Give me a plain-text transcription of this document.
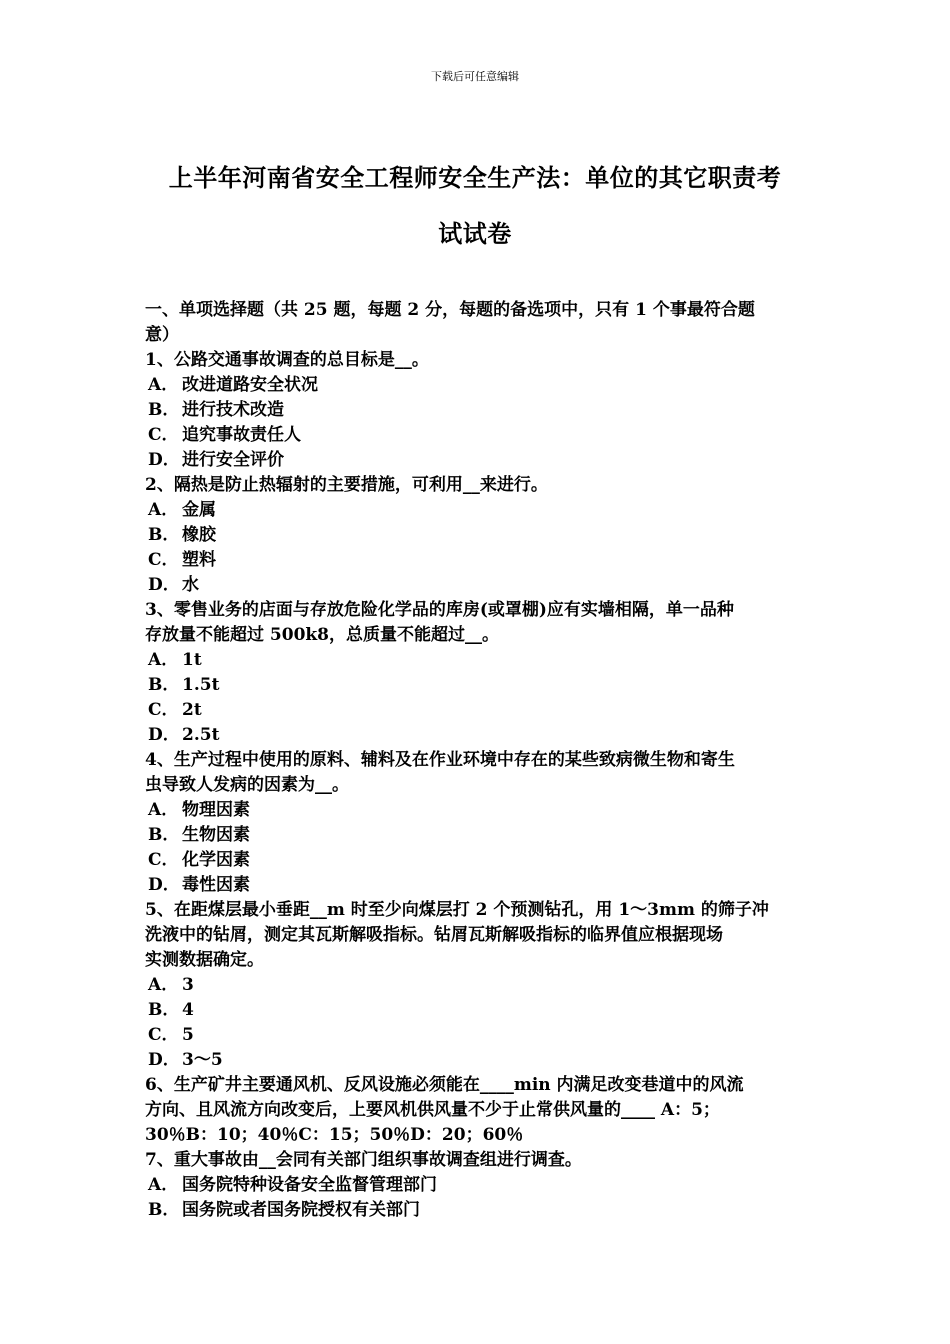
下载后可任意编辑
上半年河南省安全工程师安全生产法：单位的其它职责考
试试卷
一、单项选择题（共 25 题，每题 2 分，每题的备选项中，只有 1 个事最符合题
意）
1、公路交通事故调查的总目标是__。
A． 改进道路安全状况
B． 进行技术改造
C． 追究事故责任人
D． 进行安全评价
2、隔热是防止热辐射的主要措施，可利用__来进行。
A． 金属
B． 橡胶
C． 塑料
D． 水
3、零售业务的店面与存放危险化学品的库房(或罩棚)应有实墙相隔，单一品种
存放量不能超过 500k8，总质量不能超过__。
A． 1t
B． 1.5t
C． 2t
D． 2.5t
4、生产过程中使用的原料、辅料及在作业环境中存在的某些致病微生物和寄生
虫导致人发病的因素为__。
A． 物理因素
B． 生物因素
C． 化学因素
D． 毒性因素
5、在距煤层最小垂距__m 时至少向煤层打 2 个预测钻孔，用 1～3mm 的筛子冲
洗液中的钻屑，测定其瓦斯解吸指标。钻屑瓦斯解吸指标的临界值应根据现场
实测数据确定。
A． 3
B． 4
C． 5
D． 3～5
6、生产矿井主要通风机、反风设施必须能在____min 内满足改变巷道中的风流
方向、且风流方向改变后，上要风机供风量不少于止常供风量的____ A：5；
30％B：10；40％C：15；50％D：20；60％
7、重大事故由__会同有关部门组织事故调查组进行调查。
A． 国务院特种设备安全监督管理部门
B． 国务院或者国务院授权有关部门
